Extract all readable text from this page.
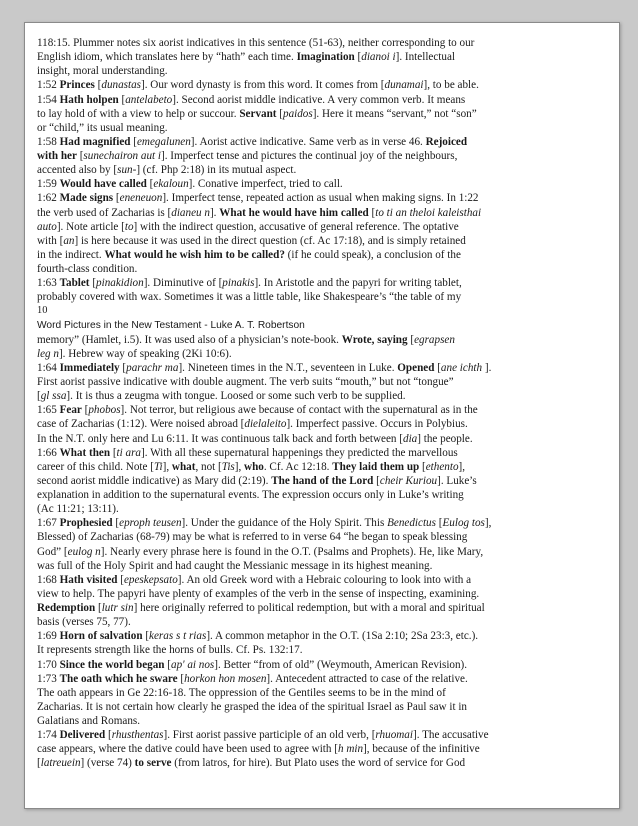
118:15. Plummer notes six aorist indicatives in this sentence (51-63), neither corresponding to our
English idiom, which translates here by “hath” each time. Imagination [dianoi i]. Intellectual
insight, moral understanding.
1:52 Princes [dunastas]. Our word dynasty is from this word. It comes from [dunamai], to be able.
1:54 Hath holpen [antelabeto]. Second aorist middle indicative. A very common verb. It means
to lay hold of with a view to help or succour. Servant [paidos]. Here it means “servant,” not “son”
or “child,” its usual meaning.
1:58 Had magnified [emegalunen]. Aorist active indicative. Same verb as in verse 46. Rejoiced
with her [sunechairon aut i]. Imperfect tense and pictures the continual joy of the neighbours,
accented also by [sun-] (cf. Php 2:18) in its mutual aspect.
1:59 Would have called [ekaloun]. Conative imperfect, tried to call.
1:62 Made signs [eneneuon]. Imperfect tense, repeated action as usual when making signs. In 1:22
the verb used of Zacharias is [dianeu n]. What he would have him called [to ti an theloi kaleisthai
auto]. Note article [to] with the indirect question, accusative of general reference. The optative
with [an] is here because it was used in the direct question (cf. Ac 17:18), and is simply retained
in the indirect. What would he wish him to be called? (if he could speak), a conclusion of the
fourth-class condition.
1:63 Tablet [pinakidion]. Diminutive of [pinakis]. In Aristotle and the papyri for writing tablet,
probably covered with wax. Sometimes it was a little table, like Shakespeare’s “the table of my
10
Word Pictures in the New Testament - Luke A. T. Robertson
memory” (Hamlet, i.5). It was used also of a physician’s note-book. Wrote, saying [egrapsen
leg n]. Hebrew way of speaking (2Ki 10:6).
1:64 Immediately [parachr ma]. Nineteen times in the N.T., seventeen in Luke. Opened [ane ichth ].
First aorist passive indicative with double augment. The verb suits “mouth,” but not “tongue”
[gl ssa]. It is thus a zeugma with tongue. Loosed or some such verb to be supplied.
1:65 Fear [phobos]. Not terror, but religious awe because of contact with the supernatural as in the
case of Zacharias (1:12). Were noised abroad [dielaleito]. Imperfect passive. Occurs in Polybius.
In the N.T. only here and Lu 6:11. It was continuous talk back and forth between [dia] the people.
1:66 What then [ti ara]. With all these supernatural happenings they predicted the marvellous
career of this child. Note [Ti], what, not [Tis], who. Cf. Ac 12:18. They laid them up [ethento],
second aorist middle indicative) as Mary did (2:19). The hand of the Lord [cheir Kuriou]. Luke’s
explanation in addition to the supernatural events. The expression occurs only in Luke’s writing
(Ac 11:21; 13:11).
1:67 Prophesied [eproph teusen]. Under the guidance of the Holy Spirit. This Benedictus [Eulog tos],
Blessed) of Zacharias (68-79) may be what is referred to in verse 64 “he began to speak blessing
God” [eulog n]. Nearly every phrase here is found in the O.T. (Psalms and Prophets). He, like Mary,
was full of the Holy Spirit and had caught the Messianic message in its highest meaning.
1:68 Hath visited [epeskepsato]. An old Greek word with a Hebraic colouring to look into with a
view to help. The papyri have plenty of examples of the verb in the sense of inspecting, examining.
Redemption [lutr sin] here originally referred to political redemption, but with a moral and spiritual
basis (verses 75, 77).
1:69 Horn of salvation [keras s t rias]. A common metaphor in the O.T. (1Sa 2:10; 2Sa 23:3, etc.).
It represents strength like the horns of bulls. Cf. Ps. 132:17.
1:70 Since the world began [ap' ai nos]. Better “from of old” (Weymouth, American Revision).
1:73 The oath which he sware [horkon hon mosen]. Antecedent attracted to case of the relative.
The oath appears in Ge 22:16-18. The oppression of the Gentiles seems to be in the mind of
Zacharias. It is not certain how clearly he grasped the idea of the spiritual Israel as Paul saw it in
Galatians and Romans.
1:74 Delivered [rhusthentas]. First aorist passive participle of an old verb, [rhuomai]. The accusative
case appears, where the dative could have been used to agree with [h min], because of the infinitive
[latreuein] (verse 74) to serve (from latros, for hire). But Plato uses the word of service for God
